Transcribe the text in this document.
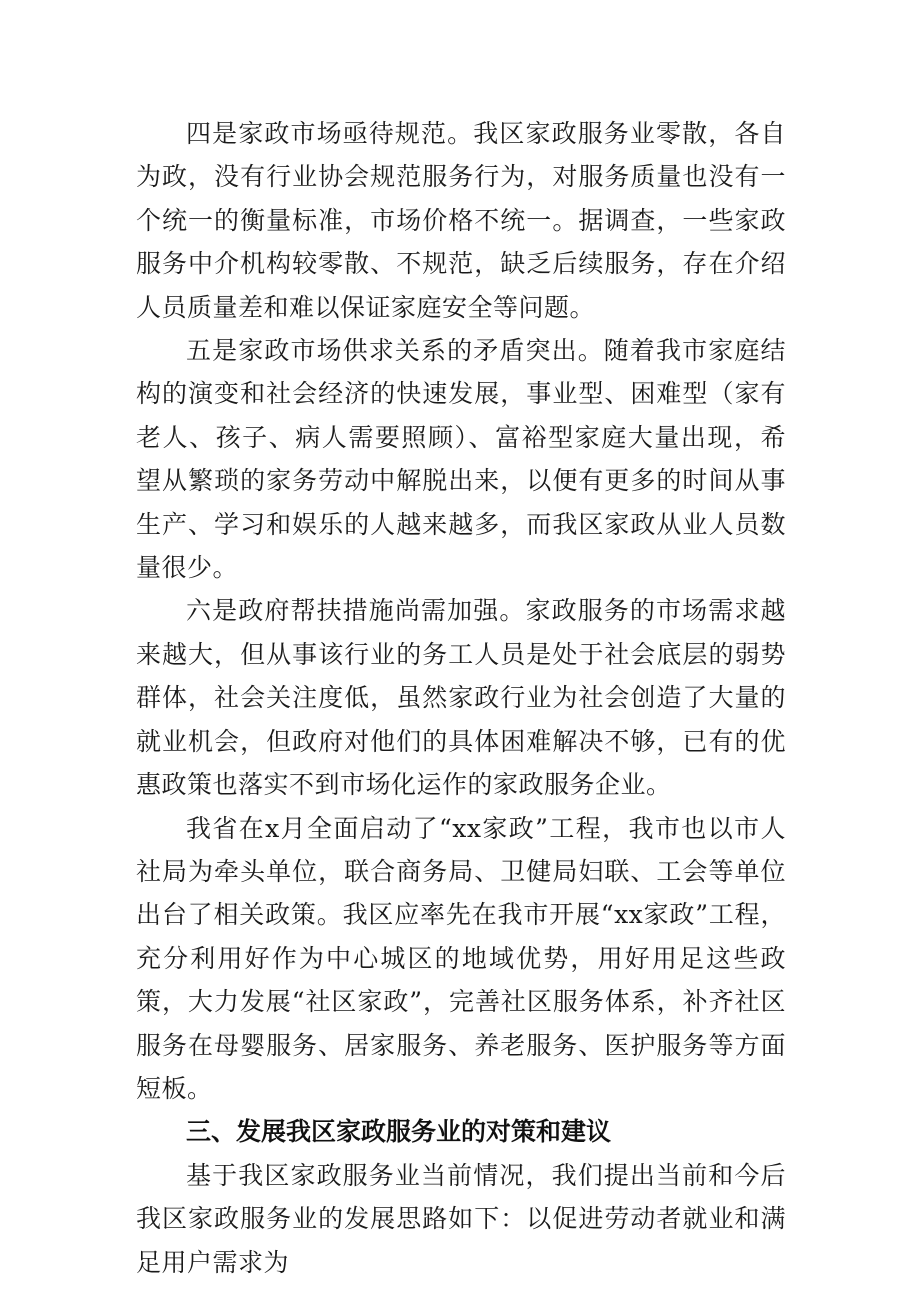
四是家政市场亟待规范。我区家政服务业零散，各自为政，没有行业协会规范服务行为，对服务质量也没有一个统一的衡量标准，市场价格不统一。据调查，一些家政服务中介机构较零散、不规范，缺乏后续服务，存在介绍人员质量差和难以保证家庭安全等问题。

五是家政市场供求关系的矛盾突出。随着我市家庭结构的演变和社会经济的快速发展，事业型、困难型（家有老人、孩子、病人需要照顾）、富裕型家庭大量出现，希望从繁琐的家务劳动中解脱出来，以便有更多的时间从事生产、学习和娱乐的人越来越多，而我区家政从业人员数量很少。

六是政府帮扶措施尚需加强。家政服务的市场需求越来越大，但从事该行业的务工人员是处于社会底层的弱势群体，社会关注度低，虽然家政行业为社会创造了大量的就业机会，但政府对他们的具体困难解决不够，已有的优惠政策也落实不到市场化运作的家政服务企业。

我省在x月全面启动了“xx家政”工程，我市也以市人社局为牵头单位，联合商务局、卫健局妇联、工会等单位出台了相关政策。我区应率先在我市开展“xx家政”工程，充分利用好作为中心城区的地域优势，用好用足这些政策，大力发展“社区家政”，完善社区服务体系，补齐社区服务在母婴服务、居家服务、养老服务、医护服务等方面短板。

三、发展我区家政服务业的对策和建议

基于我区家政服务业当前情况，我们提出当前和今后我区家政服务业的发展思路如下：以促进劳动者就业和满足用户需求为
